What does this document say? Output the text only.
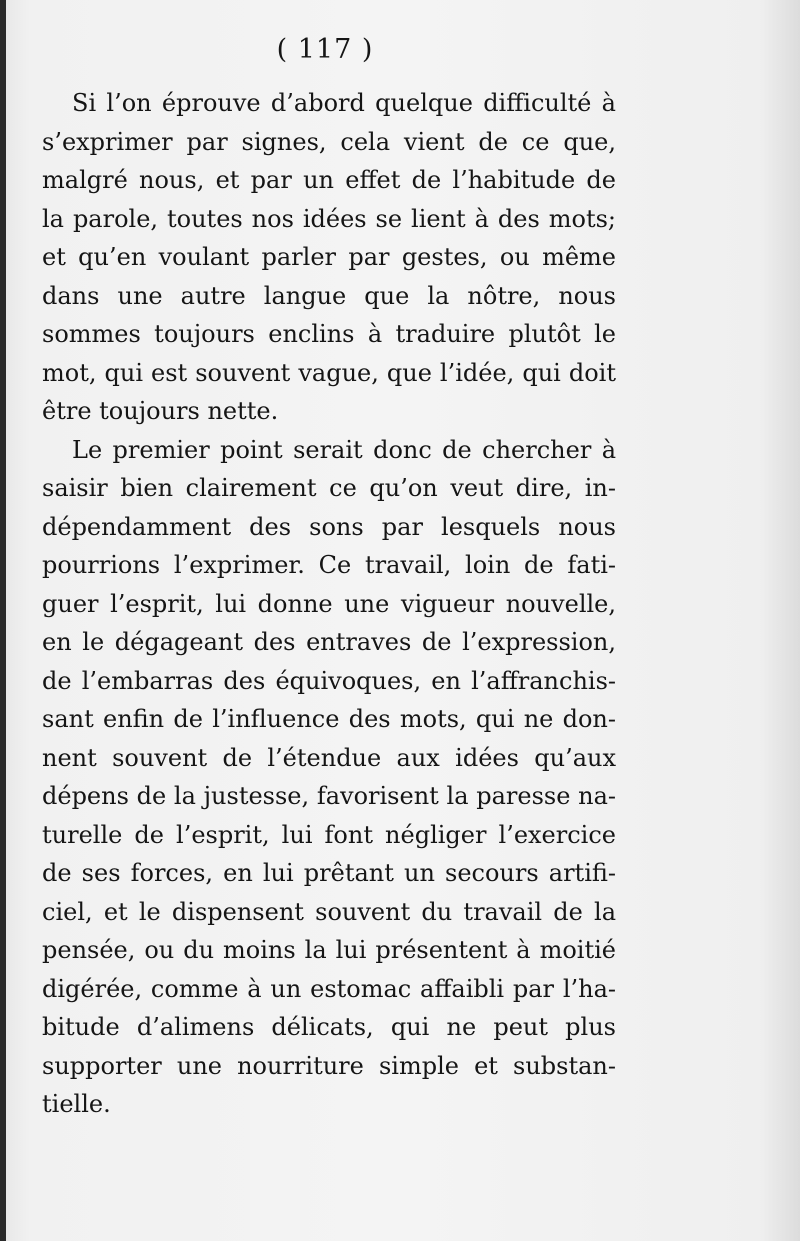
( 117 )
Si l’on éprouve d’abord quelque difficulté à
s’exprimer par signes, cela vient de ce que,
malgré nous, et par un effet de l’habitude de
la parole, toutes nos idées se lient à des mots;
et qu’en voulant parler par gestes, ou même
dans une autre langue que la nôtre, nous
sommes toujours enclins à traduire plutôt le
mot, qui est souvent vague, que l’idée, qui doit
être toujours nette.
Le premier point serait donc de chercher à
saisir bien clairement ce qu’on veut dire, in-
dépendamment des sons par lesquels nous
pourrions l’exprimer. Ce travail, loin de fati-
guer l’esprit, lui donne une vigueur nouvelle,
en le dégageant des entraves de l’expression,
de l’embarras des équivoques, en l’affranchis-
sant enfin de l’influence des mots, qui ne don-
nent souvent de l’étendue aux idées qu’aux
dépens de la justesse, favorisent la paresse na-
turelle de l’esprit, lui font négliger l’exercice
de ses forces, en lui prêtant un secours artifi-
ciel, et le dispensent souvent du travail de la
pensée, ou du moins la lui présentent à moitié
digérée, comme à un estomac affaibli par l’ha-
bitude d’alimens délicats, qui ne peut plus
supporter une nourriture simple et substan-
tielle.
